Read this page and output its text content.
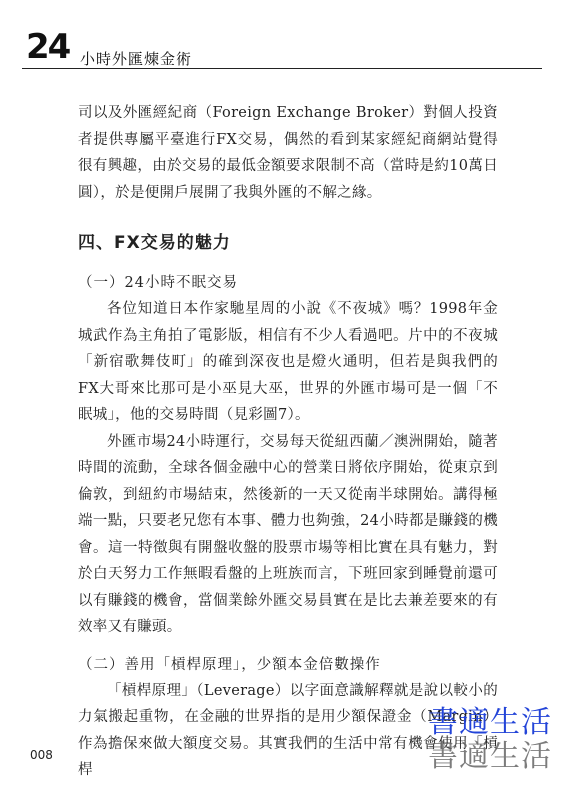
24 小時外匯煉金術

司以及外匯經紀商（Foreign Exchange Broker）對個人投資者提供專屬平臺進行FX交易，偶然的看到某家經紀商網站覺得很有興趣，由於交易的最低金額要求限制不高（當時是約10萬日圓），於是便開戶展開了我與外匯的不解之緣。

四、FX交易的魅力
（一）24小時不眠交易

各位知道日本作家馳星周的小說《不夜城》嗎？1998年金城武作為主角拍了電影版，相信有不少人看過吧。片中的不夜城「新宿歌舞伎町」的確到深夜也是燈火通明，但若是與我們的FX大哥來比那可是小巫見大巫，世界的外匯市場可是一個「不眠城」，他的交易時間（見彩圖7）。

外匯市場24小時運行，交易每天從紐西蘭／澳洲開始，隨著時間的流動，全球各個金融中心的營業日將依序開始，從東京到倫敦，到紐約市場結束，然後新的一天又從南半球開始。講得極端一點，只要老兄您有本事、體力也夠強，24小時都是賺錢的機會。這一特徵與有開盤收盤的股票市場等相比實在具有魅力，對於白天努力工作無暇看盤的上班族而言，下班回家到睡覺前還可以有賺錢的機會，當個業餘外匯交易員實在是比去兼差要來的有效率又有賺頭。

（二）善用「槓桿原理」，少額本金倍數操作

「槓桿原理」（Leverage）以字面意識解釋就是說以較小的力氣搬起重物，在金融的世界指的是用少額保證金（Margin）作為擔保來做大額度交易。其實我們的生活中常有機會使用「槓桿

008
書適生活
書適生活
